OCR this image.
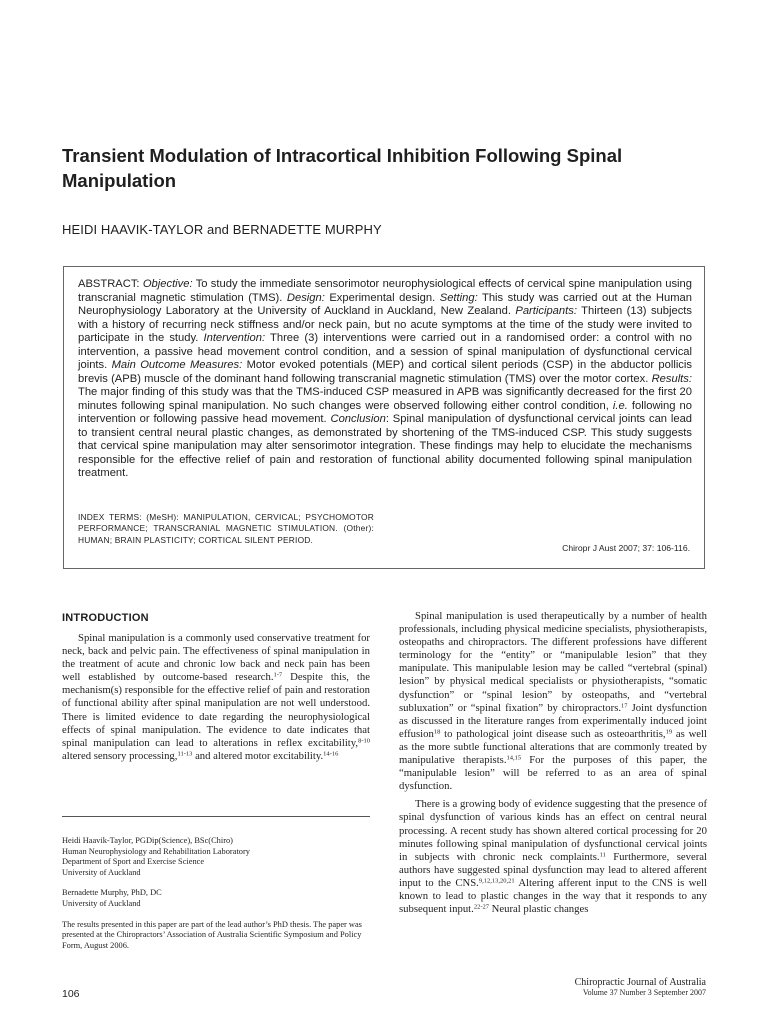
Transient Modulation of Intracortical Inhibition Following Spinal Manipulation
HEIDI HAAVIK-TAYLOR and BERNADETTE MURPHY
ABSTRACT: Objective: To study the immediate sensorimotor neurophysiological effects of cervical spine manipulation using transcranial magnetic stimulation (TMS). Design: Experimental design. Setting: This study was carried out at the Human Neurophysiology Laboratory at the University of Auckland in Auckland, New Zealand. Participants: Thirteen (13) subjects with a history of recurring neck stiffness and/or neck pain, but no acute symptoms at the time of the study were invited to participate in the study. Intervention: Three (3) interventions were carried out in a randomised order: a control with no intervention, a passive head movement control condition, and a session of spinal manipulation of dysfunctional cervical joints. Main Outcome Measures: Motor evoked potentials (MEP) and cortical silent periods (CSP) in the abductor pollicis brevis (APB) muscle of the dominant hand following transcranial magnetic stimulation (TMS) over the motor cortex. Results: The major finding of this study was that the TMS-induced CSP measured in APB was significantly decreased for the first 20 minutes following spinal manipulation. No such changes were observed following either control condition, i.e. following no intervention or following passive head movement. Conclusion: Spinal manipulation of dysfunctional cervical joints can lead to transient central neural plastic changes, as demonstrated by shortening of the TMS-induced CSP. This study suggests that cervical spine manipulation may alter sensorimotor integration. These findings may help to elucidate the mechanisms responsible for the effective relief of pain and restoration of functional ability documented following spinal manipulation treatment.
INDEX TERMS: (MeSH): MANIPULATION, CERVICAL; PSYCHOMOTOR PERFORMANCE; TRANSCRANIAL MAGNETIC STIMULATION. (Other): HUMAN; BRAIN PLASTICITY; CORTICAL SILENT PERIOD.
Chiropr J Aust 2007; 37: 106-116.
INTRODUCTION

Spinal manipulation is a commonly used conservative treatment for neck, back and pelvic pain. The effectiveness of spinal manipulation in the treatment of acute and chronic low back and neck pain has been well established by outcome-based research.$^{1-7}$ Despite this, the mechanism(s) responsible for the effective relief of pain and restoration of functional ability after spinal manipulation are not well understood. There is limited evidence to date regarding the neurophysiological effects of spinal manipulation. The evidence to date indicates that spinal manipulation can lead to alterations in reflex excitability,$^{8-10}$ altered sensory processing,$^{11-13}$ and altered motor excitability.$^{14-16}$

Heidi Haavik-Taylor, PGDip(Science), BSc(Chiro)
Human Neurophysiology and Rehabilitation Laboratory
Department of Sport and Exercise Science
University of Auckland
Bernadette Murphy, PhD, DC
University of Auckland
The results presented in this paper are part of the lead author’s PhD thesis. The paper was presented at the Chiropractors’ Association of Australia Scientific Symposium and Policy Form, August 2006.

Spinal manipulation is used therapeutically by a number of health professionals, including physical medicine specialists, physiotherapists, osteopaths and chiropractors. The different professions have different terminology for the “entity” or “manipulable lesion” that they manipulate. This manipulable lesion may be called “vertebral (spinal) lesion” by physical medical specialists or physiotherapists, “somatic dysfunction” or “spinal lesion” by osteopaths, and “vertebral subluxation” or “spinal fixation” by chiropractors.$^{17}$ Joint dysfunction as discussed in the literature ranges from experimentally induced joint effusion$^{18}$ to pathological joint disease such as osteoarthritis,$^{19}$ as well as the more subtle functional alterations that are commonly treated by manipulative therapists.$^{14,15}$ For the purposes of this paper, the “manipulable lesion” will be referred to as an area of spinal dysfunction.

There is a growing body of evidence suggesting that the presence of spinal dysfunction of various kinds has an effect on central neural processing. A recent study has shown altered cortical processing for 20 minutes following spinal manipulation of dysfunctional cervical joints in subjects with chronic neck complaints.$^{11}$ Furthermore, several authors have suggested spinal dysfunction may lead to altered afferent input to the CNS.$^{9,12,13,20,21}$ Altering afferent input to the CNS is well known to lead to plastic changes in the way that it responds to any subsequent input.$^{22-27}$ Neural plastic changes

106
Chiropractic Journal of Australia
Volume 37 Number 3 September 2007
